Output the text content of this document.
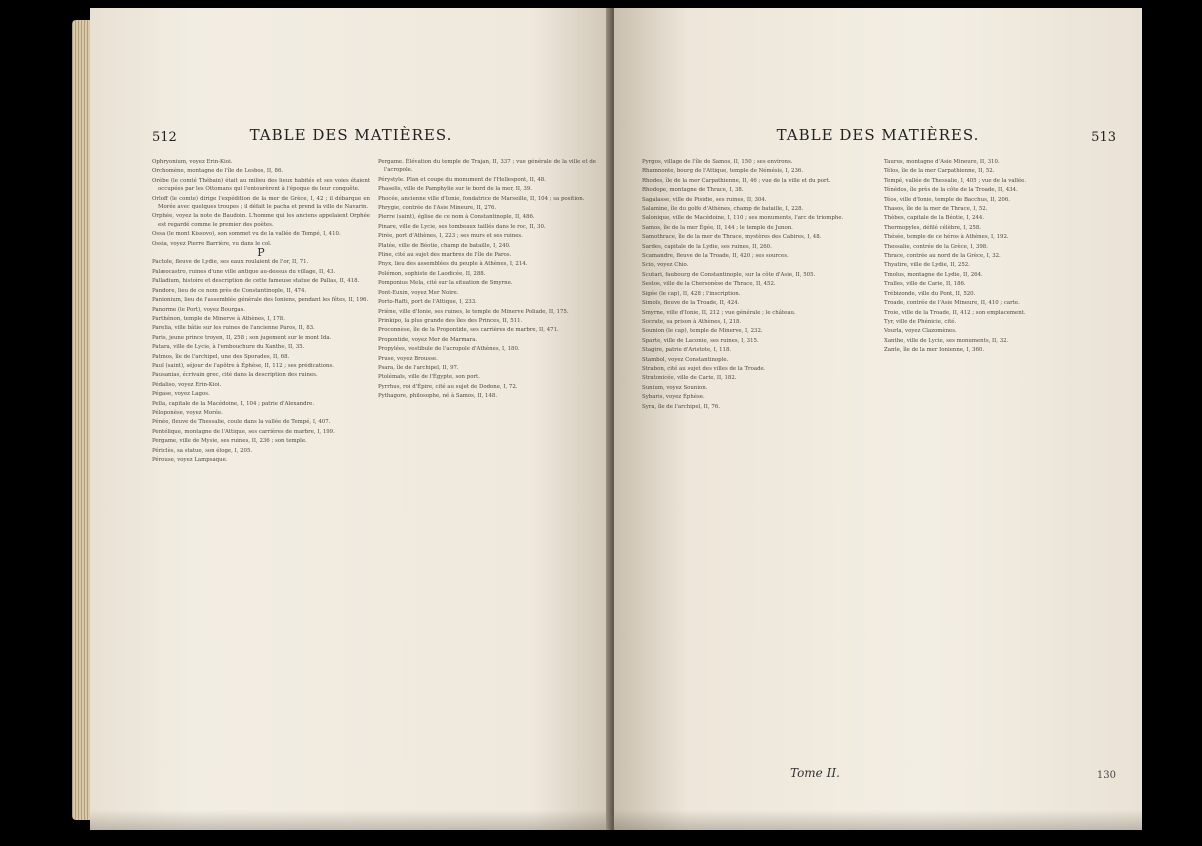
512	TABLE DES MATIÈRES.

Ophryonium, voyez Erin-Kioi.

Orchomène, montagne de l'île de Lesbos, II, 86.

Orèbe (le comté Thébain) était au milieu des lieux habités et ses voies étaient occupées par les Ottomans qui l'entourèrent à l'époque de leur conquête.

Orloff (le comte) dirige l'expédition de la mer de Grèce, I, 42 ; il débarque en Morée avec quelques troupes ; il défait le pacha et prend la ville de Navarin.

Orphée, voyez la note de Baudoin. L'homme qui les anciens appelaient Orphée est regardé comme le premier des poètes.

Ossa (le mont Kissovo), son sommet vu de la vallée de Tempé, I, 410.

Ossia, voyez Pierre Barrière, vu dans le col.

P

Pactole, fleuve de Lydie, ses eaux roulaient de l'or, II, 71.

Palæocastro, ruines d'une ville antique au-dessus du village, II, 43.

Palladium, histoire et description de cette fameuse statue de Pallas, II, 418.

Pandore, lieu de ce nom près de Constantinople, II, 474.

Panionium, lieu de l'assemblée générale des Ioniens, pendant les fêtes, II, 196.

Panorme (le Port), voyez Bourgas.

Parthénon, temple de Minerve à Athènes, I, 178.

Parelia, ville bâtie sur les ruines de l'ancienne Paros, II, 83.

Paris, jeune prince troyen, II, 258 ; son jugement sur le mont Ida.

Patara, ville de Lycie, à l'embouchure du Xanthe, II, 35.

Patmos, île de l'archipel, une des Sporades, II, 68.

Paul (saint), séjour de l'apôtre à Éphèse, II, 112 ; ses prédications.

Pausanias, écrivain grec, cité dans la description des ruines.

Pédaliso, voyez Erin-Kioi.

Pégase, voyez Lagos.

Pella, capitale de la Macédoine, I, 104 ; patrie d'Alexandre.

Péloponèse, voyez Morée.

Pénée, fleuve de Thessalie, coule dans la vallée de Tempé, I, 407.

Pentélique, montagne de l'Attique, ses carrières de marbre, I, 199.

Pergame, ville de Mysie, ses ruines, II, 236 ; son temple.

Périclès, sa statue, son éloge, I, 205.

Pérouse, voyez Lampsaque.

Pergame. Élévation du temple de Trajan, II, 337 ; vue générale de la ville et de l'acropole.

Pérystyle. Plan et coupe du monument de l'Hellespont, II, 48.

Phaselis, ville de Pamphylie sur le bord de la mer, II, 39.

Phocée, ancienne ville d'Ionie, fondatrice de Marseille, II, 104 ; sa position.

Phrygie, contrée de l'Asie Mineure, II, 276.

Pierre (saint), église de ce nom à Constantinople, II, 486.

Pinare, ville de Lycie, ses tombeaux taillés dans le roc, II, 30.

Pirée, port d'Athènes, I, 223 ; ses murs et ses ruines.

Platée, ville de Béotie, champ de bataille, I, 240.

Pline, cité au sujet des marbres de l'île de Paros.

Pnyx, lieu des assemblées du peuple à Athènes, I, 214.

Polémon, sophiste de Laodicée, II, 288.

Pomponius Mela, cité sur la situation de Smyrne.

Pont-Euxin, voyez Mer Noire.

Porto-Rafti, port de l'Attique, I, 233.

Priène, ville d'Ionie, ses ruines, le temple de Minerve Poliade, II, 175.

Prinkipo, la plus grande des îles des Princes, II, 511.

Proconnèse, île de la Propontide, ses carrières de marbre, II, 471.

Propontide, voyez Mer de Marmara.

Propylées, vestibule de l'acropole d'Athènes, I, 180.

Pruse, voyez Brousse.

Psara, île de l'archipel, II, 97.

Ptolémaïs, ville de l'Égypte, son port.

Pyrrhus, roi d'Épire, cité au sujet de Dodone, I, 72.

Pythagore, philosophe, né à Samos, II, 148.

TABLE DES MATIÈRES.	513

Pyrgos, village de l'île de Samos, II, 150 ; ses environs.

Rhamnonte, bourg de l'Attique, temple de Némésis, I, 236.

Rhodes, île de la mer Carpathienne, II, 46 ; vue de la ville et du port.

Rhodope, montagne de Thrace, I, 38.

Sagalasse, ville de Pisidie, ses ruines, II, 304.

Salamine, île du golfe d'Athènes, champ de bataille, I, 228.

Salonique, ville de Macédoine, I, 110 ; ses monuments, l'arc de triomphe.

Samos, île de la mer Égée, II, 144 ; le temple de Junon.

Samothrace, île de la mer de Thrace, mystères des Cabires, I, 48.

Sardes, capitale de la Lydie, ses ruines, II, 260.

Scamandre, fleuve de la Troade, II, 420 ; ses sources.

Scio, voyez Chio.

Scutari, faubourg de Constantinople, sur la côte d'Asie, II, 505.

Sestos, ville de la Chersonèse de Thrace, II, 452.

Sigée (le cap), II, 428 ; l'inscription.

Simoïs, fleuve de la Troade, II, 424.

Smyrne, ville d'Ionie, II, 212 ; vue générale ; le château.

Socrate, sa prison à Athènes, I, 218.

Sounion (le cap), temple de Minerve, I, 232.

Sparte, ville de Laconie, ses ruines, I, 315.

Stagire, patrie d'Aristote, I, 118.

Stambol, voyez Constantinople.

Strabon, cité au sujet des villes de la Troade.

Stratonicée, ville de Carie, II, 182.

Sunium, voyez Sounion.

Sybaris, voyez Éphèse.

Syra, île de l'archipel, II, 76.

Taurus, montagne d'Asie Mineure, II, 310.

Télos, île de la mer Carpathienne, II, 52.

Tempé, vallée de Thessalie, I, 405 ; vue de la vallée.

Ténédos, île près de la côte de la Troade, II, 434.

Téos, ville d'Ionie, temple de Bacchus, II, 206.

Thasos, île de la mer de Thrace, I, 52.

Thèbes, capitale de la Béotie, I, 244.

Thermopyles, défilé célèbre, I, 258.

Thésée, temple de ce héros à Athènes, I, 192.

Thessalie, contrée de la Grèce, I, 398.

Thrace, contrée au nord de la Grèce, I, 32.

Thyatire, ville de Lydie, II, 252.

Tmolus, montagne de Lydie, II, 264.

Tralles, ville de Carie, II, 186.

Trébizonde, ville du Pont, II, 520.

Troade, contrée de l'Asie Mineure, II, 410 ; carte.

Troie, ville de la Troade, II, 412 ; son emplacement.

Tyr, ville de Phénicie, cité.

Vourla, voyez Clazomènes.

Xanthe, ville de Lycie, ses monuments, II, 32.

Zante, île de la mer Ionienne, I, 360.

Tome II.	130
